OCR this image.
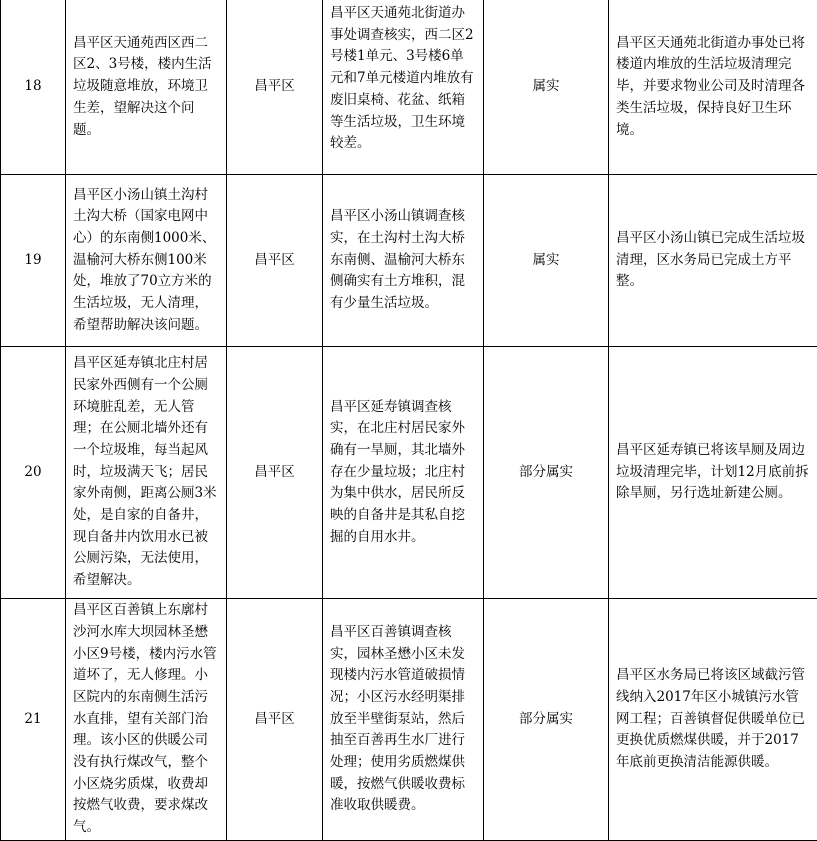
18	昌平区天通苑西区西二区2、3号楼，楼内生活垃圾随意堆放，环境卫生差，望解决这个问题。	昌平区	昌平区天通苑北街道办事处调查核实，西二区2号楼1单元、3号楼6单元和7单元楼道内堆放有废旧桌椅、花盆、纸箱等生活垃圾，卫生环境较差。	属实	昌平区天通苑北街道办事处已将楼道内堆放的生活垃圾清理完毕，并要求物业公司及时清理各类生活垃圾，保持良好卫生环境。
19	昌平区小汤山镇土沟村土沟大桥（国家电网中心）的东南侧1000米、温榆河大桥东侧100米处，堆放了70立方米的生活垃圾，无人清理，希望帮助解决该问题。	昌平区	昌平区小汤山镇调查核实，在土沟村土沟大桥东南侧、温榆河大桥东侧确实有土方堆积，混有少量生活垃圾。	属实	昌平区小汤山镇已完成生活垃圾清理，区水务局已完成土方平整。
20	昌平区延寿镇北庄村居民家外西侧有一个公厕环境脏乱差，无人管理；在公厕北墙外还有一个垃圾堆，每当起风时，垃圾满天飞；居民家外南侧，距离公厕3米处，是自家的自备井，现自备井内饮用水已被公厕污染，无法使用，希望解决。	昌平区	昌平区延寿镇调查核实，在北庄村居民家外确有一旱厕，其北墙外存在少量垃圾；北庄村为集中供水，居民所反映的自备井是其私自挖掘的自用水井。	部分属实	昌平区延寿镇已将该旱厕及周边垃圾清理完毕，计划12月底前拆除旱厕，另行选址新建公厕。
21	昌平区百善镇上东廓村沙河水库大坝园林圣懋小区9号楼，楼内污水管道坏了，无人修理。小区院内的东南侧生活污水直排，望有关部门治理。该小区的供暖公司没有执行煤改气，整个小区烧劣质煤，收费却按燃气收费，要求煤改气。	昌平区	昌平区百善镇调查核实，园林圣懋小区未发现楼内污水管道破损情况；小区污水经明渠排放至半壁街泵站，然后抽至百善再生水厂进行处理；使用劣质燃煤供暖，按燃气供暖收费标准收取供暖费。	部分属实	昌平区水务局已将该区域截污管线纳入2017年区小城镇污水管网工程；百善镇督促供暖单位已更换优质燃煤供暖，并于2017年底前更换清洁能源供暖。
